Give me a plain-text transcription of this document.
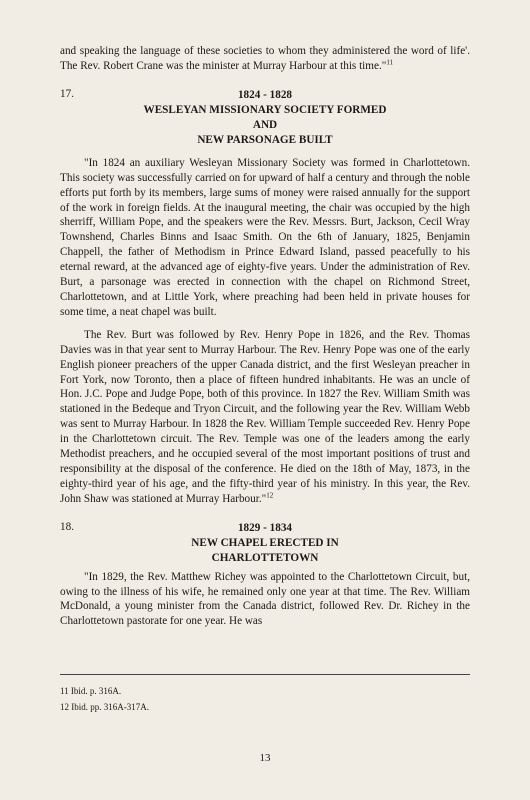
and speaking the language of these societies to whom they administered the word of life'. The Rev. Robert Crane was the minister at Murray Harbour at this time."$^{11}$

17.	1824 - 1828
WESLEYAN MISSIONARY SOCIETY FORMED
AND
NEW PARSONAGE BUILT

"In 1824 an auxiliary Wesleyan Missionary Society was formed in Charlottetown. This society was successfully carried on for upward of half a century and through the noble efforts put forth by its members, large sums of money were raised annually for the support of the work in foreign fields. At the inaugural meeting, the chair was occupied by the high sherriff, William Pope, and the speakers were the Rev. Messrs. Burt, Jackson, Cecil Wray Townshend, Charles Binns and Isaac Smith. On the 6th of January, 1825, Benjamin Chappell, the father of Methodism in Prince Edward Island, passed peacefully to his eternal reward, at the advanced age of eighty-five years. Under the administration of Rev. Burt, a parsonage was erected in connection with the chapel on Richmond Street, Charlottetown, and at Little York, where preaching had been held in private houses for some time, a neat chapel was built.

The Rev. Burt was followed by Rev. Henry Pope in 1826, and the Rev. Thomas Davies was in that year sent to Murray Harbour. The Rev. Henry Pope was one of the early English pioneer preachers of the upper Canada district, and the first Wesleyan preacher in Fort York, now Toronto, then a place of fifteen hundred inhabitants. He was an uncle of Hon. J.C. Pope and Judge Pope, both of this province. In 1827 the Rev. William Smith was stationed in the Bedeque and Tryon Circuit, and the following year the Rev. William Webb was sent to Murray Harbour. In 1828 the Rev. William Temple succeeded Rev. Henry Pope in the Charlottetown circuit. The Rev. Temple was one of the leaders among the early Methodist preachers, and he occupied several of the most important positions of trust and responsibility at the disposal of the conference. He died on the 18th of May, 1873, in the eighty-third year of his age, and the fifty-third year of his ministry. In this year, the Rev. John Shaw was stationed at Murray Harbour."$^{12}$

18.	1829 - 1834
NEW CHAPEL ERECTED IN
CHARLOTTETOWN

"In 1829, the Rev. Matthew Richey was appointed to the Charlottetown Circuit, but, owing to the illness of his wife, he remained only one year at that time. The Rev. William McDonald, a young minister from the Canada district, followed Rev. Dr. Richey in the Charlottetown pastorate for one year. He was

11 Ibid. p. 316A.
12 Ibid. pp. 316A-317A.
13
